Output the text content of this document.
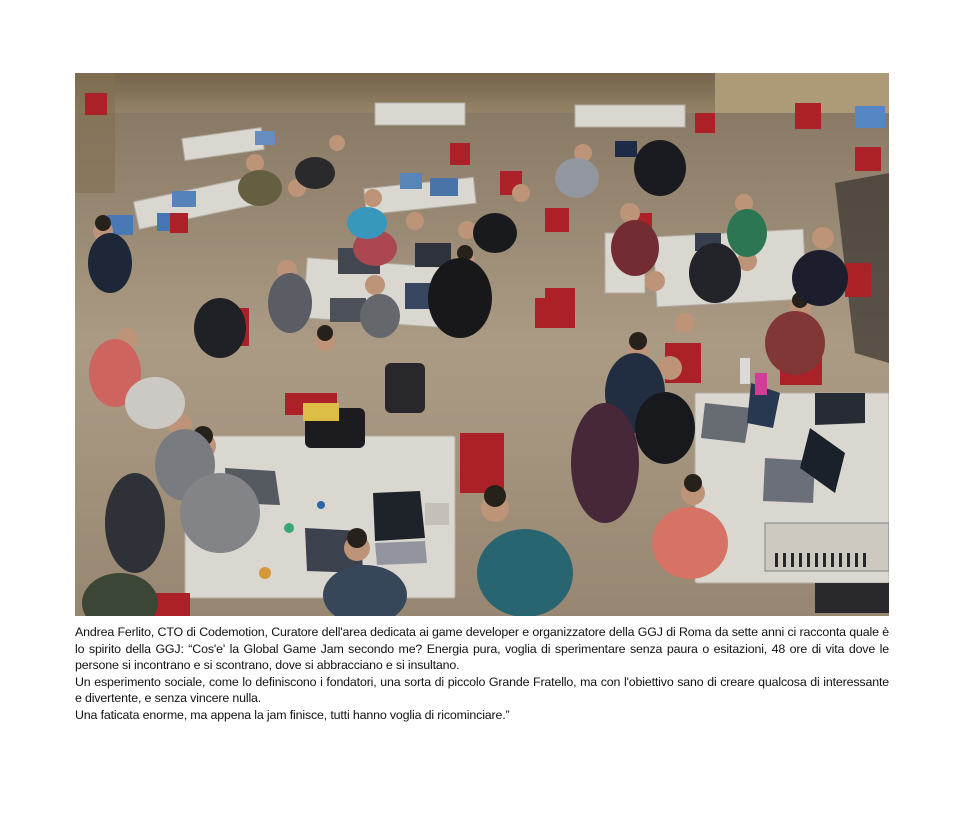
Andrea Ferlito, CTO di Codemotion, Curatore dell'area dedicata ai game developer e organizzatore della GGJ di Roma da sette anni ci racconta quale è lo spirito della GGJ: “Cos'e' la Global Game Jam secondo me? Energia pura, voglia di sperimentare senza paura o esitazioni, 48 ore di vita dove le persone si incontrano e si scontrano, dove si abbracciano e si insultano.

Un esperimento sociale, come lo definiscono i fondatori, una sorta di piccolo Grande Fratello, ma con l'obiettivo sano di creare qualcosa di interessante e divertente, e senza vincere nulla.

Una faticata enorme, ma appena la jam finisce, tutti hanno voglia di ricominciare.”
